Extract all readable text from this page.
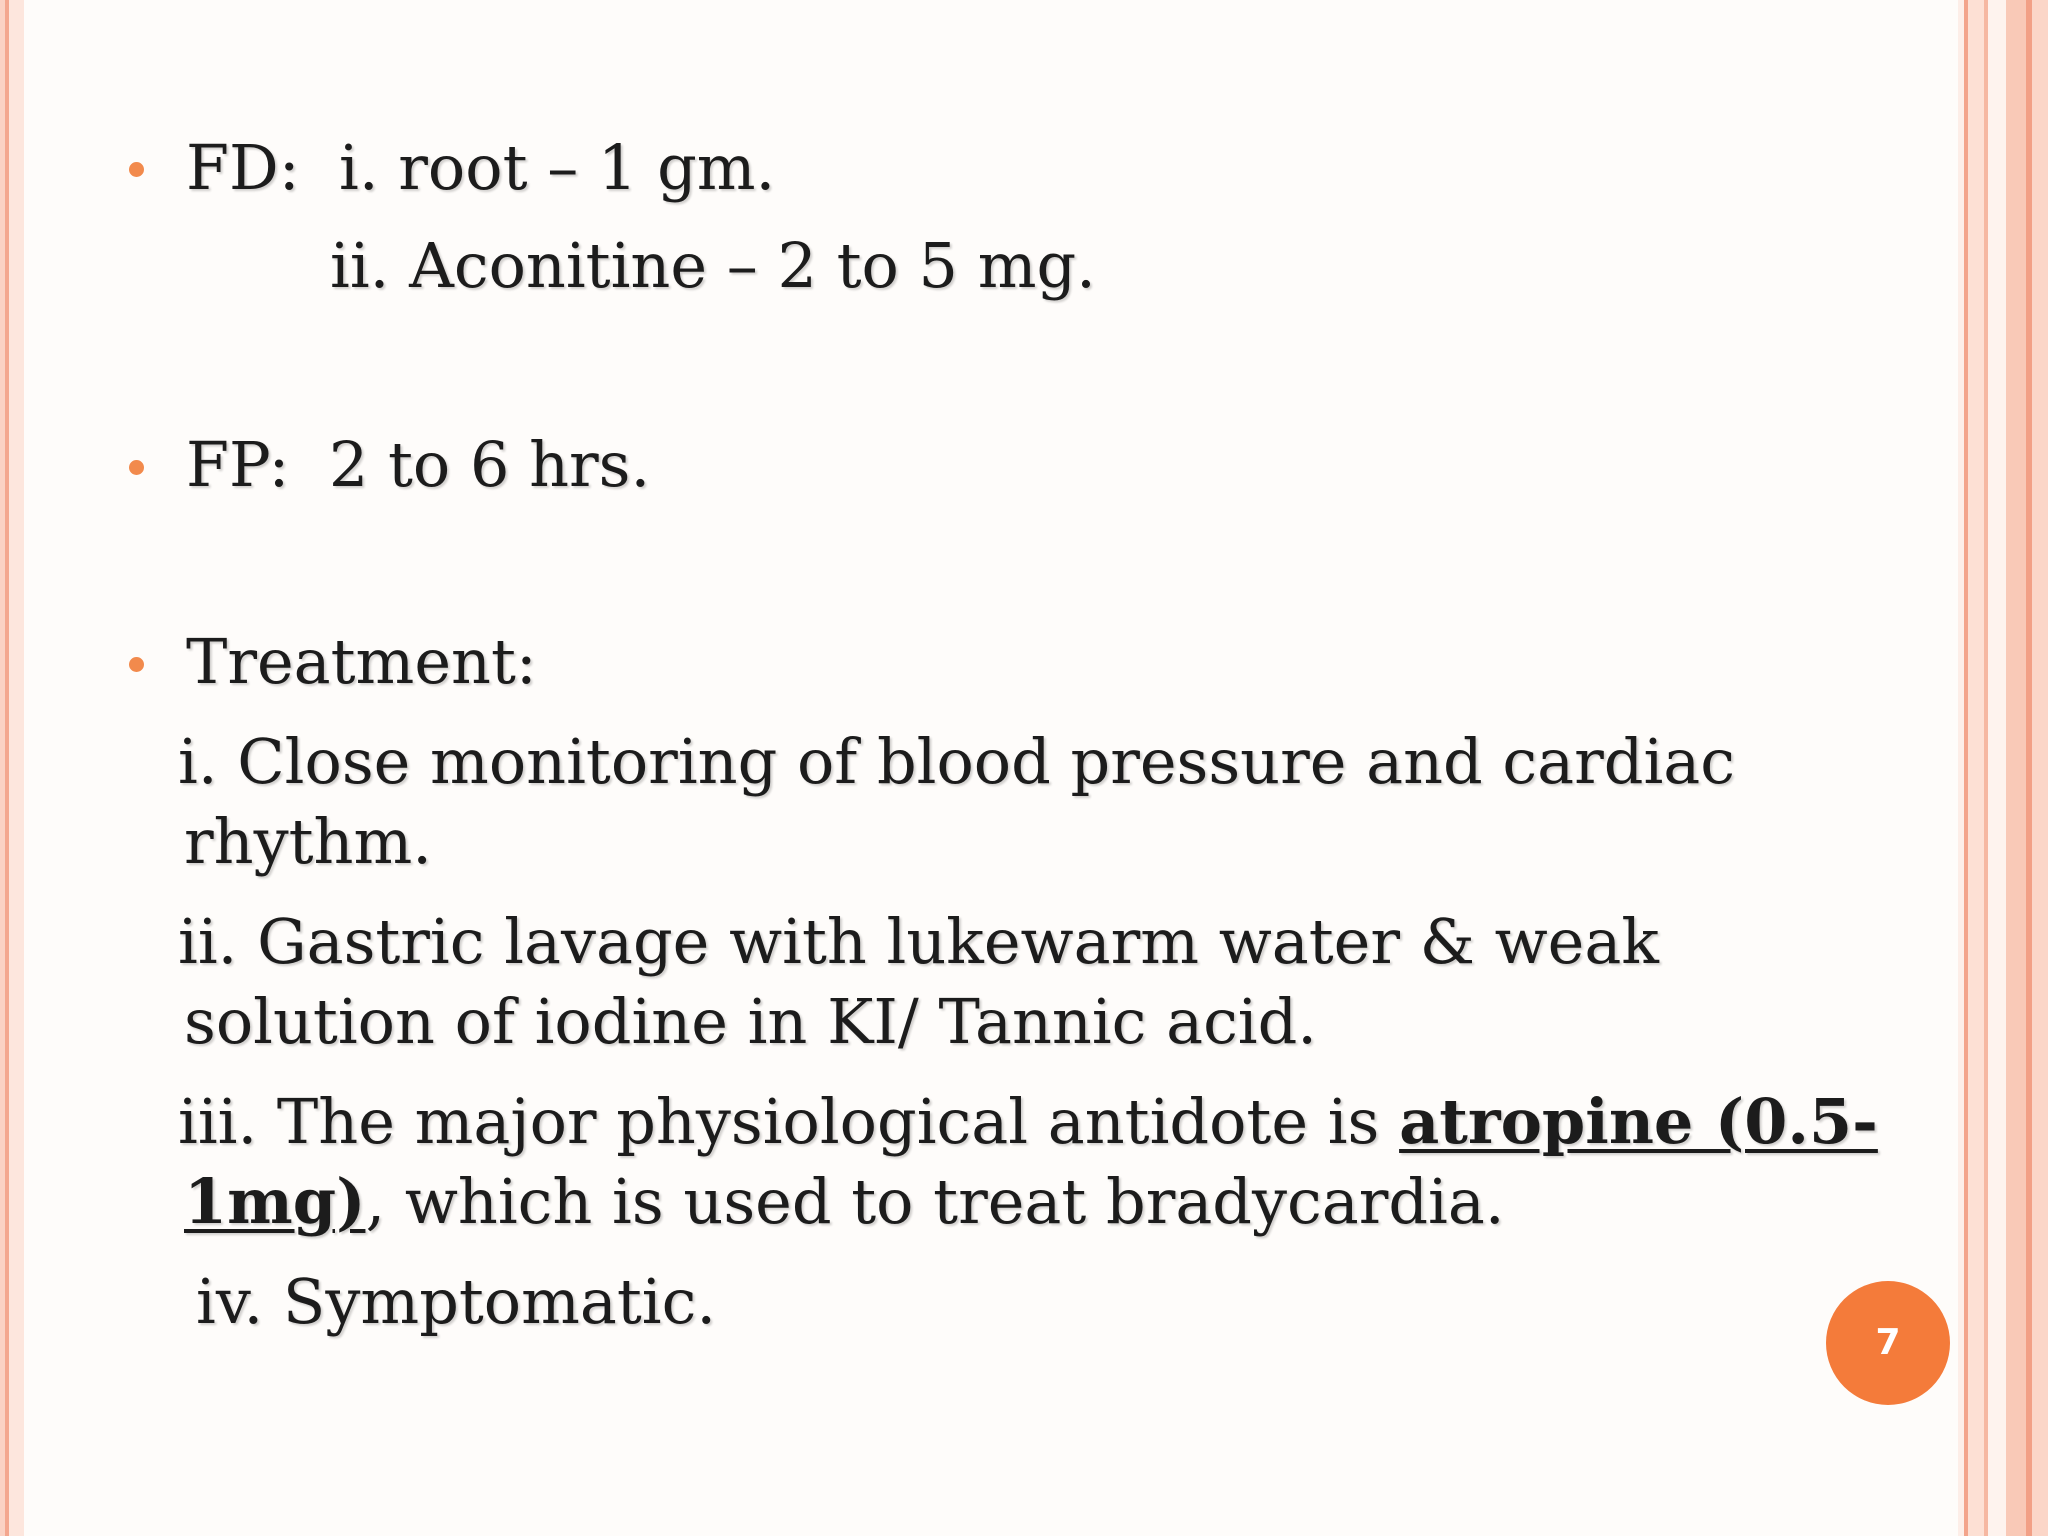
FD: i. root – 1 gm.
ii. Aconitine – 2 to 5 mg.
FP: 2 to 6 hrs.
Treatment:
i. Close monitoring of blood pressure and cardiac
rhythm.
ii. Gastric lavage with lukewarm water & weak
solution of iodine in KI/ Tannic acid.
iii. The major physiological antidote is atropine (0.5-
1mg), which is used to treat bradycardia.
iv. Symptomatic.
7
